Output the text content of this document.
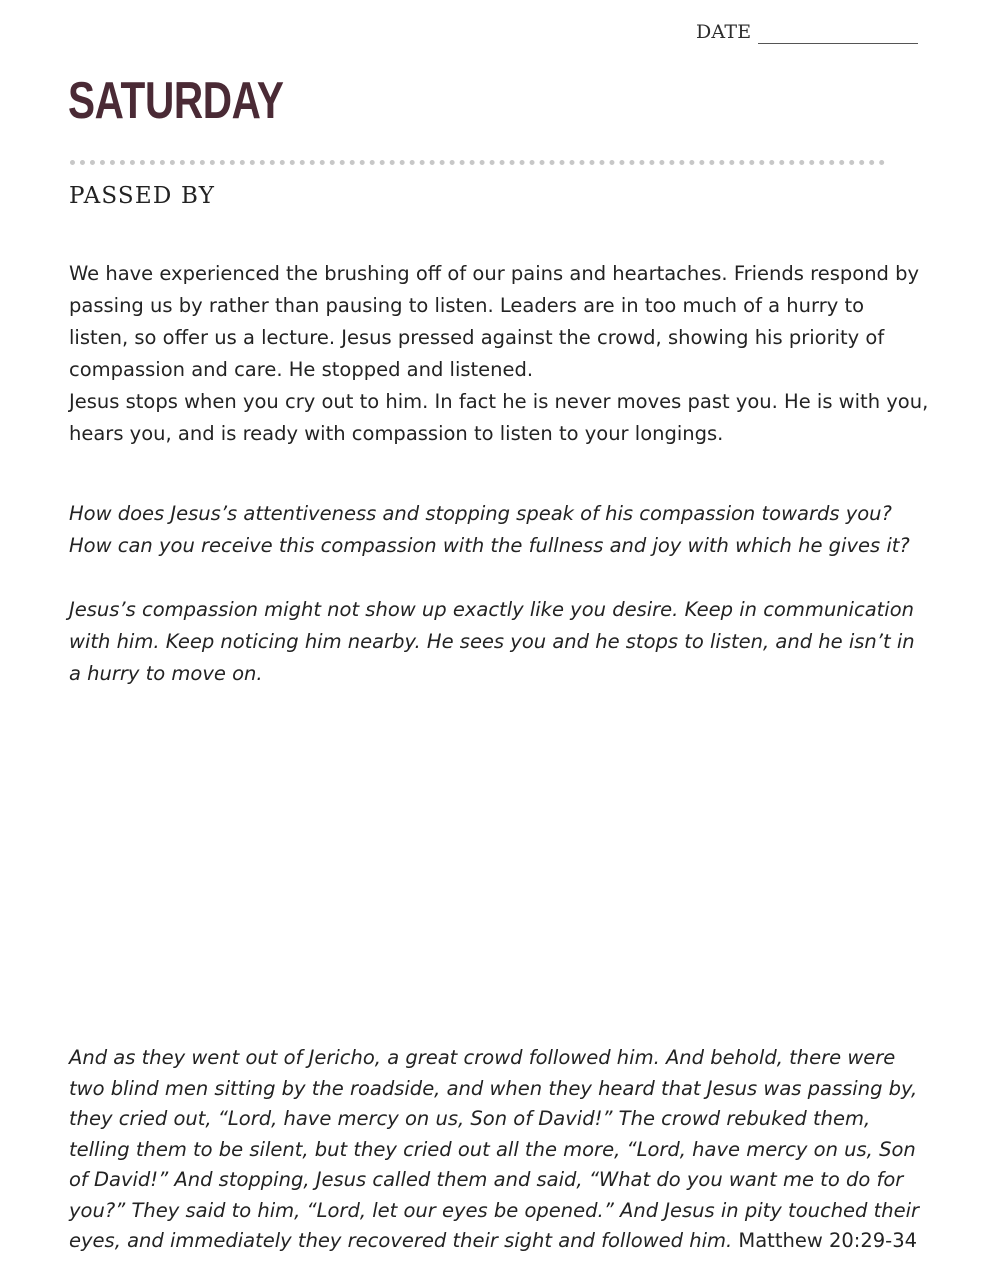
DATE
SATURDAY
PASSED BY

We have experienced the brushing off of our pains and heartaches. Friends respond by passing us by rather than pausing to listen. Leaders are in too much of a hurry to listen, so offer us a lecture. Jesus pressed against the crowd, showing his priority of compassion and care. He stopped and listened.

Jesus stops when you cry out to him. In fact he is never moves past you. He is with you, hears you, and is ready with compassion to listen to your longings.

How does Jesus’s attentiveness and stopping speak of his compassion towards you?

How can you receive this compassion with the fullness and joy with which he gives it?

Jesus’s compassion might not show up exactly like you desire. Keep in communication with him. Keep noticing him nearby. He sees you and he stops to listen, and he isn’t in a hurry to move on.

And as they went out of Jericho, a great crowd followed him. And behold, there were two blind men sitting by the roadside, and when they heard that Jesus was passing by, they cried out, “Lord, have mercy on us, Son of David!” The crowd rebuked them, telling them to be silent, but they cried out all the more, “Lord, have mercy on us, Son of David!” And stopping, Jesus called them and said, “What do you want me to do for you?” They said to him, “Lord, let our eyes be opened.” And Jesus in pity touched their eyes, and immediately they recovered their sight and followed him. Matthew 20:29-34
